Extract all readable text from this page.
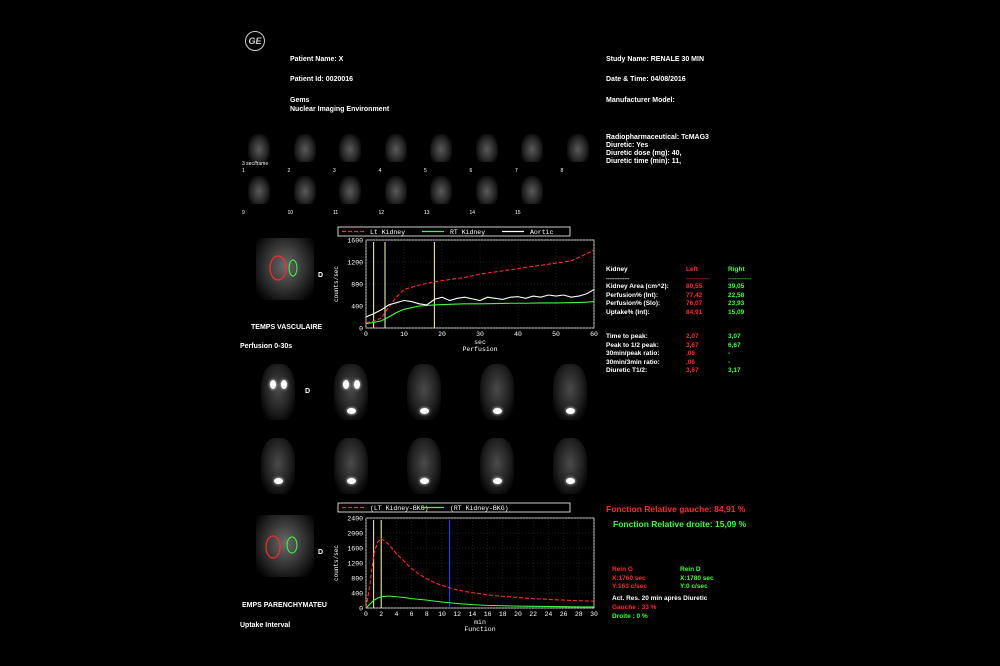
GE
Patient Name: X
Patient Id: 0020016
Gems
Nuclear Imaging Environment
Study Name: RENALE 30 MIN
Date & Time: 04/08/2016
Manufacturer Model:
Radiopharmaceutical: TcMAG3
Diuretic: Yes
Diuretic dose (mg): 40,
Diuretic time (min): 11,
1	2	3	4	5	6	7	8
9	10	11	12	13	14	15
3 sec/frame
D
TEMPS VASCULAIRE
Perfusion 0-30s
Lt Kidney	RT Kidney	Aortic
0
400
800
1200
1600
0	10	20	30	40	50	60
sec
Perfusion
counts/sec
D
D
EMPS PARENCHYMATEU
Uptake Interval
(LT Kidney-BKG)	(RT Kidney-BKG)
0
400
800
1200
1600
2000
2400
0 2 4 6 8 10 12 14 16 18 20 22 24 26 28 30
min
Function
counts/sec
Kidney	Left	Right
--------------	--------------	--------------
Kidney Area (cm^2):	80,55	39,05
Perfusion% (Int):	77,42	22,58
Perfusion% (Slo):	76,07	23,93
Uptake% (Int):	84,91	15,09
Time to peak:	2,07	3,07
Peak to 1/2 peak:	3,67	6,67
30min/peak ratio:	,06	-
30min/3min ratio:	,06	-
Diuretic T1/2:	3,67	3,17
Fonction Relative gauche: 84,91 %
Fonction Relative droite: 15,09 %
Rein G
X:1760 sec
Y:163 c/sec
Rein D
X:1780 sec
Y:0 c/sec
Act. Res. 20 min après Diuretic
Gauche : 33 %
Droite : 0 %
